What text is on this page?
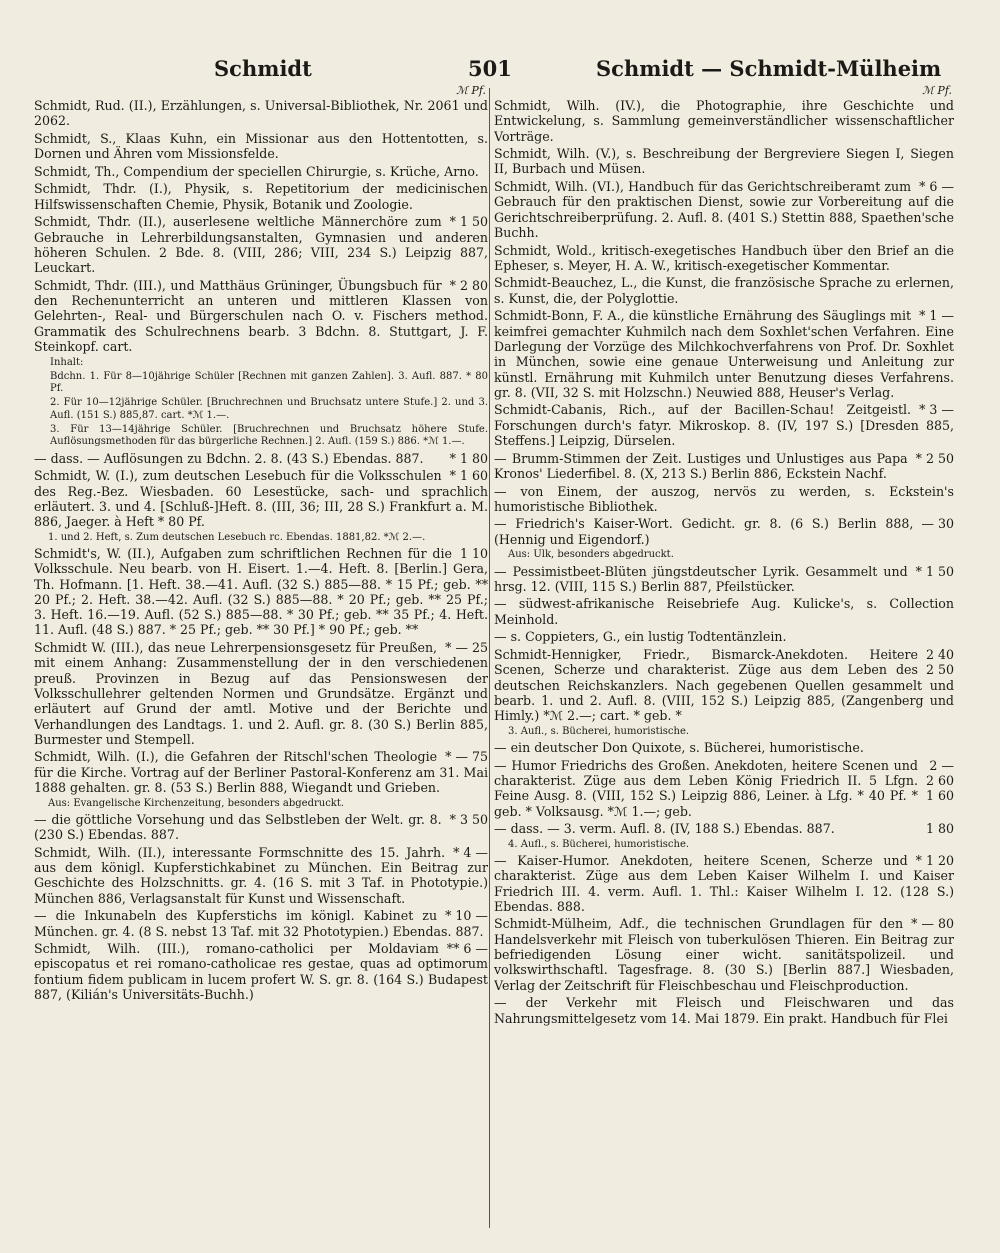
Schmidt	501	Schmidt — Schmidt-Mülheim
ℳ Pf.
Schmidt, Rud. (II.), Erzählungen, s. Universal-Bibliothek, Nr. 2061 und 2062.
Schmidt, S., Klaas Kuhn, ein Missionar aus den Hottentotten, s. Dornen und Ähren vom Missionsfelde.
Schmidt, Th., Compendium der speciellen Chirurgie, s. Krüche, Arno.
Schmidt, Thdr. (I.), Physik, s. Repetitorium der medicinischen Hilfswissenschaften Chemie, Physik, Botanik und Zoologie.
* 1 50
Schmidt, Thdr. (II.), auserlesene weltliche Männerchöre zum Gebrauche in Lehrerbildungsanstalten, Gymnasien und anderen höheren Schulen. 2 Bde. 8. (VIII, 286; VIII, 234 S.) Leipzig 887, Leuckart.
* 2 80
Schmidt, Thdr. (III.), und Matthäus Grüninger, Übungsbuch für den Rechenunterricht an unteren und mittleren Klassen von Gelehrten-, Real- und Bürgerschulen nach O. v. Fischers method. Grammatik des Schulrechnens bearb. 3 Bdchn. 8. Stuttgart, J. F. Steinkopf. cart.
Inhalt:
Bdchn. 1. Für 8—10jährige Schüler [Rechnen mit ganzen Zahlen]. 3. Aufl. 887. * 80 Pf.
2. Für 10—12jährige Schüler. [Bruchrechnen und Bruchsatz untere Stufe.] 2. und 3. Aufl. (151 S.) 885,87. cart. *ℳ 1.—.
3. Für 13—14jährige Schüler. [Bruchrechnen und Bruchsatz höhere Stufe. Auflösungsmethoden für das bürgerliche Rechnen.] 2. Aufl. (159 S.) 886. *ℳ 1.—.
* 1 80
— dass. — Auflösungen zu Bdchn. 2. 8. (43 S.) Ebendas. 887.
* 1 60
Schmidt, W. (I.), zum deutschen Lesebuch für die Volksschulen des Reg.-Bez. Wiesbaden. 60 Lesestücke, sach- und sprachlich erläutert. 3. und 4. [Schluß-]Heft. 8. (III, 36; III, 28 S.) Frankfurt a. M. 886, Jaeger. à Heft * 80 Pf.
1. und 2. Heft, s. Zum deutschen Lesebuch rc. Ebendas. 1881,82. *ℳ 2.—.
1 10
Schmidt's, W. (II.), Aufgaben zum schriftlichen Rechnen für die Volksschule. Neu bearb. von H. Eisert. 1.—4. Heft. 8. [Berlin.] Gera, Th. Hofmann. [1. Heft. 38.—41. Aufl. (32 S.) 885—88. * 15 Pf.; geb. ** 20 Pf.; 2. Heft. 38.—42. Aufl. (32 S.) 885—88. * 20 Pf.; geb. ** 25 Pf.; 3. Heft. 16.—19. Aufl. (52 S.) 885—88. * 30 Pf.; geb. ** 35 Pf.; 4. Heft. 11. Aufl. (48 S.) 887. * 25 Pf.; geb. ** 30 Pf.] * 90 Pf.; geb. **
* — 25
Schmidt W. (III.), das neue Lehrerpensionsgesetz für Preußen, mit einem Anhang: Zusammenstellung der in den verschiedenen preuß. Provinzen in Bezug auf das Pensionswesen der Volksschullehrer geltenden Normen und Grundsätze. Ergänzt und erläutert auf Grund der amtl. Motive und der Berichte und Verhandlungen des Landtags. 1. und 2. Aufl. gr. 8. (30 S.) Berlin 885, Burmester und Stempell.
* — 75
Schmidt, Wilh. (I.), die Gefahren der Ritschl'schen Theologie für die Kirche. Vortrag auf der Berliner Pastoral-Konferenz am 31. Mai 1888 gehalten. gr. 8. (53 S.) Berlin 888, Wiegandt und Grieben.
Aus: Evangelische Kirchenzeitung, besonders abgedruckt.
* 3 50
— die göttliche Vorsehung und das Selbstleben der Welt. gr. 8. (230 S.) Ebendas. 887.
* 4 —
Schmidt, Wilh. (II.), interessante Formschnitte des 15. Jahrh. aus dem königl. Kupferstichkabinet zu München. Ein Beitrag zur Geschichte des Holzschnitts. gr. 4. (16 S. mit 3 Taf. in Phototypie.) München 886, Verlagsanstalt für Kunst und Wissenschaft.
* 10 —
— die Inkunabeln des Kupferstichs im königl. Kabinet zu München. gr. 4. (8 S. nebst 13 Taf. mit 32 Phototypien.) Ebendas. 887.
** 6 —
Schmidt, Wilh. (III.), romano-catholici per Moldaviam episcopatus et rei romano-catholicae res gestae, quas ad optimorum fontium fidem publicam in lucem profert W. S. gr. 8. (164 S.) Budapest 887, (Kilián's Universitäts-Buchh.)
ℳ Pf.
Schmidt, Wilh. (IV.), die Photographie, ihre Geschichte und Entwickelung, s. Sammlung gemeinverständlicher wissenschaftlicher Vorträge.
Schmidt, Wilh. (V.), s. Beschreibung der Bergreviere Siegen I, Siegen II, Burbach und Müsen.
* 6 —
Schmidt, Wilh. (VI.), Handbuch für das Gerichtschreiberamt zum Gebrauch für den praktischen Dienst, sowie zur Vorbereitung auf die Gerichtschreiberprüfung. 2. Aufl. 8. (401 S.) Stettin 888, Spaethen'sche Buchh.
Schmidt, Wold., kritisch-exegetisches Handbuch über den Brief an die Epheser, s. Meyer, H. A. W., kritisch-exegetischer Kommentar.
Schmidt-Beauchez, L., die Kunst, die französische Sprache zu erlernen, s. Kunst, die, der Polyglottie.
* 1 —
Schmidt-Bonn, F. A., die künstliche Ernährung des Säuglings mit keimfrei gemachter Kuhmilch nach dem Soxhlet'schen Verfahren. Eine Darlegung der Vorzüge des Milchkochverfahrens von Prof. Dr. Soxhlet in München, sowie eine genaue Unterweisung und Anleitung zur künstl. Ernährung mit Kuhmilch unter Benutzung dieses Verfahrens. gr. 8. (VII, 32 S. mit Holzschn.) Neuwied 888, Heuser's Verlag.
* 3 —
Schmidt-Cabanis, Rich., auf der Bacillen-Schau! Zeitgeistl. Forschungen durch's fatyr. Mikroskop. 8. (IV, 197 S.) [Dresden 885, Steffens.] Leipzig, Dürselen.
* 2 50
— Brumm-Stimmen der Zeit. Lustiges und Unlustiges aus Papa Kronos' Liederfibel. 8. (X, 213 S.) Berlin 886, Eckstein Nachf.
— von Einem, der auszog, nervös zu werden, s. Eckstein's humoristische Bibliothek.
— 30
— Friedrich's Kaiser-Wort. Gedicht. gr. 8. (6 S.) Berlin 888, (Hennig und Eigendorf.)
Aus: Ulk, besonders abgedruckt.
* 1 50
— Pessimistbeet-Blüten jüngstdeutscher Lyrik. Gesammelt und hrsg. 12. (VIII, 115 S.) Berlin 887, Pfeilstücker.
— südwest-afrikanische Reisebriefe Aug. Kulicke's, s. Collection Meinhold.
— s. Coppieters, G., ein lustig Todtentänzlein.
2 40
2 50
Schmidt-Hennigker, Friedr., Bismarck-Anekdoten. Heitere Scenen, Scherze und charakterist. Züge aus dem Leben des deutschen Reichskanzlers. Nach gegebenen Quellen gesammelt und bearb. 1. und 2. Aufl. 8. (VIII, 152 S.) Leipzig 885, (Zangenberg und Himly.) *ℳ 2.—; cart. * geb. *
3. Aufl., s. Bücherei, humoristische.
— ein deutscher Don Quixote, s. Bücherei, humoristische.
2 —
2 60
1 60
— Humor Friedrichs des Großen. Anekdoten, heitere Scenen und charakterist. Züge aus dem Leben König Friedrich II. 5 Lfgn. Feine Ausg. 8. (VIII, 152 S.) Leipzig 886, Leiner. à Lfg. * 40 Pf. * geb. * Volksausg. *ℳ 1.—; geb.
1 80
— dass. — 3. verm. Aufl. 8. (IV, 188 S.) Ebendas. 887.
4. Aufl., s. Bücherei, humoristische.
* 1 20
— Kaiser-Humor. Anekdoten, heitere Scenen, Scherze und charakterist. Züge aus dem Leben Kaiser Wilhelm I. und Kaiser Friedrich III. 4. verm. Aufl. 1. Thl.: Kaiser Wilhelm I. 12. (128 S.) Ebendas. 888.
* — 80
Schmidt-Mülheim, Adf., die technischen Grundlagen für den Handelsverkehr mit Fleisch von tuberkulösen Thieren. Ein Beitrag zur befriedigenden Lösung einer wicht. sanitätspolizeil. und volkswirthschaftl. Tagesfrage. 8. (30 S.) [Berlin 887.] Wiesbaden, Verlag der Zeitschrift für Fleischbeschau und Fleischproduction.
— der Verkehr mit Fleisch und Fleischwaren und das Nahrungsmittelgesetz vom 14. Mai 1879. Ein prakt. Handbuch für Flei
